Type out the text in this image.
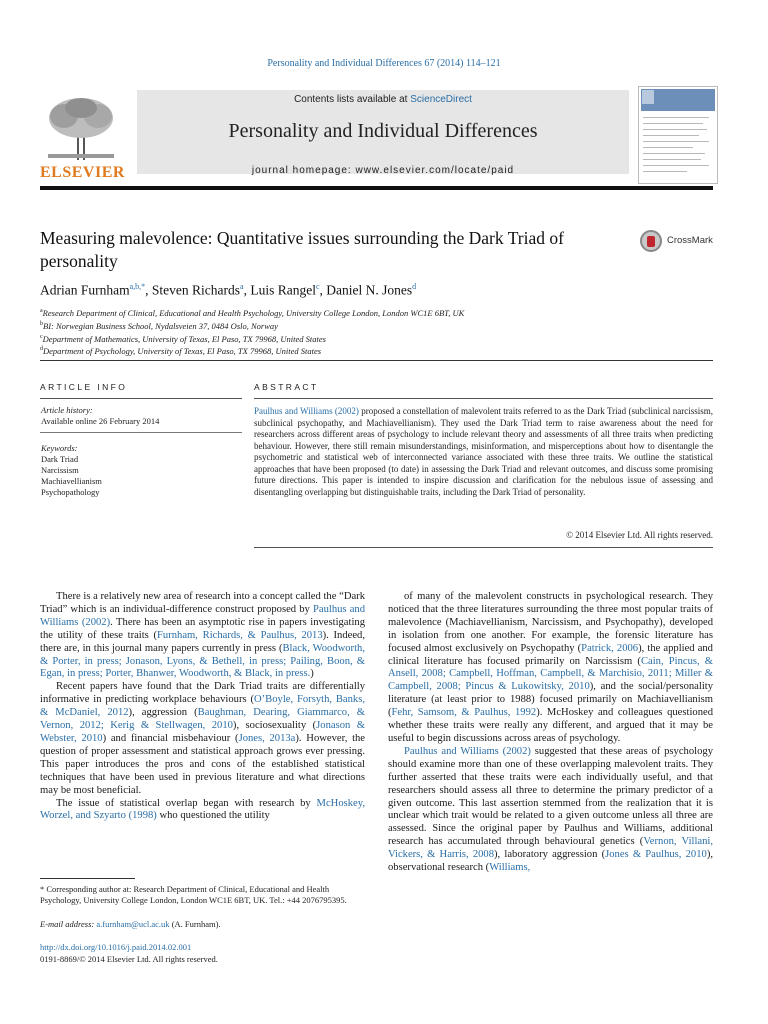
Personality and Individual Differences 67 (2014) 114–121
Contents lists available at ScienceDirect
Personality and Individual Differences
journal homepage: www.elsevier.com/locate/paid
ELSEVIER
Measuring malevolence: Quantitative issues surrounding the Dark Triad of personality
CrossMark
Adrian Furnham$^{a,b,*}$, Steven Richards$^a$, Luis Rangel$^c$, Daniel N. Jones$^d$
$^a$Research Department of Clinical, Educational and Health Psychology, University College London, London WC1E 6BT, UK
$^b$BI: Norwegian Business School, Nydalsveien 37, 0484 Oslo, Norway
$^c$Department of Mathematics, University of Texas, El Paso, TX 79968, United States
$^d$Department of Psychology, University of Texas, El Paso, TX 79968, United States
ARTICLE INFO	ABSTRACT
Article history:
Available online 26 February 2014
Keywords:
Dark Triad
Narcissism
Machiavellianism
Psychopathology
Paulhus and Williams (2002) proposed a constellation of malevolent traits referred to as the Dark Triad (subclinical narcissism, subclinical psychopathy, and Machiavellianism). They used the Dark Triad term to raise awareness about the need for researchers across different areas of psychology to include relevant theory and assessments of all three traits when predicting behaviour. However, there still remain misunderstandings, misinformation, and misperceptions about how to disentangle the psychometric and statistical web of interconnected variance associated with these three traits. We outline the statistical approaches that have been proposed (to date) in assessing the Dark Triad and relevant outcomes, and discuss some promising future directions. This paper is intended to inspire discussion and clarification for the nebulous issue of assessing and disentangling overlapping but distinguishable traits, including the Dark Triad of personality.
© 2014 Elsevier Ltd. All rights reserved.

There is a relatively new area of research into a concept called the “Dark Triad” which is an individual-difference construct proposed by Paulhus and Williams (2002). There has been an asymptotic rise in papers investigating the utility of these traits (Furnham, Richards, & Paulhus, 2013). Indeed, there are, in this journal many papers currently in press (Black, Woodworth, & Porter, in press; Jonason, Lyons, & Bethell, in press; Pailing, Boon, & Egan, in press; Porter, Bhanwer, Woodworth, & Black, in press.)

Recent papers have found that the Dark Triad traits are differentially informative in predicting workplace behaviours (O’Boyle, Forsyth, Banks, & McDaniel, 2012), aggression (Baughman, Dearing, Giammarco, & Vernon, 2012; Kerig & Stellwagen, 2010), sociosexuality (Jonason & Webster, 2010) and financial misbehaviour (Jones, 2013a). However, the question of proper assessment and statistical approach grows ever pressing. This paper introduces the pros and cons of the established statistical techniques that have been used in previous literature and what directions may be most beneficial.

The issue of statistical overlap began with research by McHoskey, Worzel, and Szyarto (1998) who questioned the utility

of many of the malevolent constructs in psychological research. They noticed that the three literatures surrounding the three most popular traits of malevolence (Machiavellianism, Narcissism, and Psychopathy), developed in isolation from one another. For example, the forensic literature has focused almost exclusively on Psychopathy (Patrick, 2006), the applied and clinical literature has focused primarily on Narcissism (Cain, Pincus, & Ansell, 2008; Campbell, Hoffman, Campbell, & Marchisio, 2011; Miller & Campbell, 2008; Pincus & Lukowitsky, 2010), and the social/personality literature (at least prior to 1988) focused primarily on Machiavellianism (Fehr, Samsom, & Paulhus, 1992). McHoskey and colleagues questioned whether these traits were really any different, and argued that it may be useful to begin discussions across areas of psychology.

Paulhus and Williams (2002) suggested that these areas of psychology should examine more than one of these overlapping malevolent traits. They further asserted that these traits were each individually useful, and that researchers should assess all three to determine the primary predictor of a given outcome. This last assertion stemmed from the realization that it is unclear which trait would be related to a given outcome unless all three are assessed. Since the original paper by Paulhus and Williams, additional research has accumulated through behavioural genetics (Vernon, Villani, Vickers, & Harris, 2008), laboratory aggression (Jones & Paulhus, 2010), observational research (Williams,

* Corresponding author at: Research Department of Clinical, Educational and Health Psychology, University College London, London WC1E 6BT, UK. Tel.: +44 2076795395.
E-mail address: a.furnham@ucl.ac.uk (A. Furnham).
http://dx.doi.org/10.1016/j.paid.2014.02.001
0191-8869/© 2014 Elsevier Ltd. All rights reserved.
